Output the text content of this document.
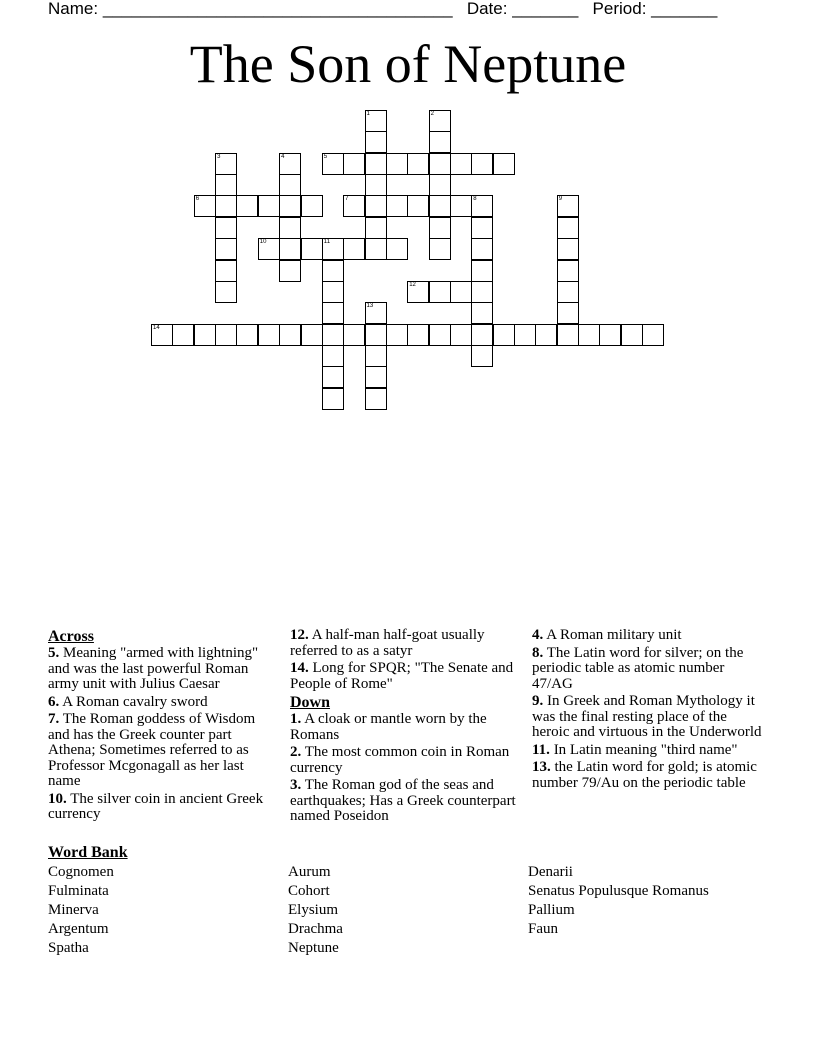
Name: _____________________________________ Date: _______ Period: _______
The Son of Neptune
1	2
3	4	5
6	7	8	9
10	11
12
13
14
Across
5. Meaning "armed with lightning" and was the last powerful Roman army unit with Julius Caesar
6. A Roman cavalry sword
7. The Roman goddess of Wisdom and has the Greek counter part Athena; Sometimes referred to as Professor Mcgonagall as her last name
10. The silver coin in ancient Greek currency
12. A half-man half-goat usually referred to as a satyr
14. Long for SPQR; "The Senate and People of Rome"
Down
1. A cloak or mantle worn by the Romans
2. The most common coin in Roman currency
3. The Roman god of the seas and earthquakes; Has a Greek counterpart named Poseidon
4. A Roman military unit
8. The Latin word for silver; on the periodic table as atomic number 47/AG
9. In Greek and Roman Mythology it was the final resting place of the heroic and virtuous in the Underworld
11. In Latin meaning "third name"
13. the Latin word for gold; is atomic number 79/Au on the periodic table
Word Bank
Cognomen
Fulminata
Minerva
Argentum
Spatha
Aurum
Cohort
Elysium
Drachma
Neptune
Denarii
Senatus Populusque Romanus
Pallium
Faun
